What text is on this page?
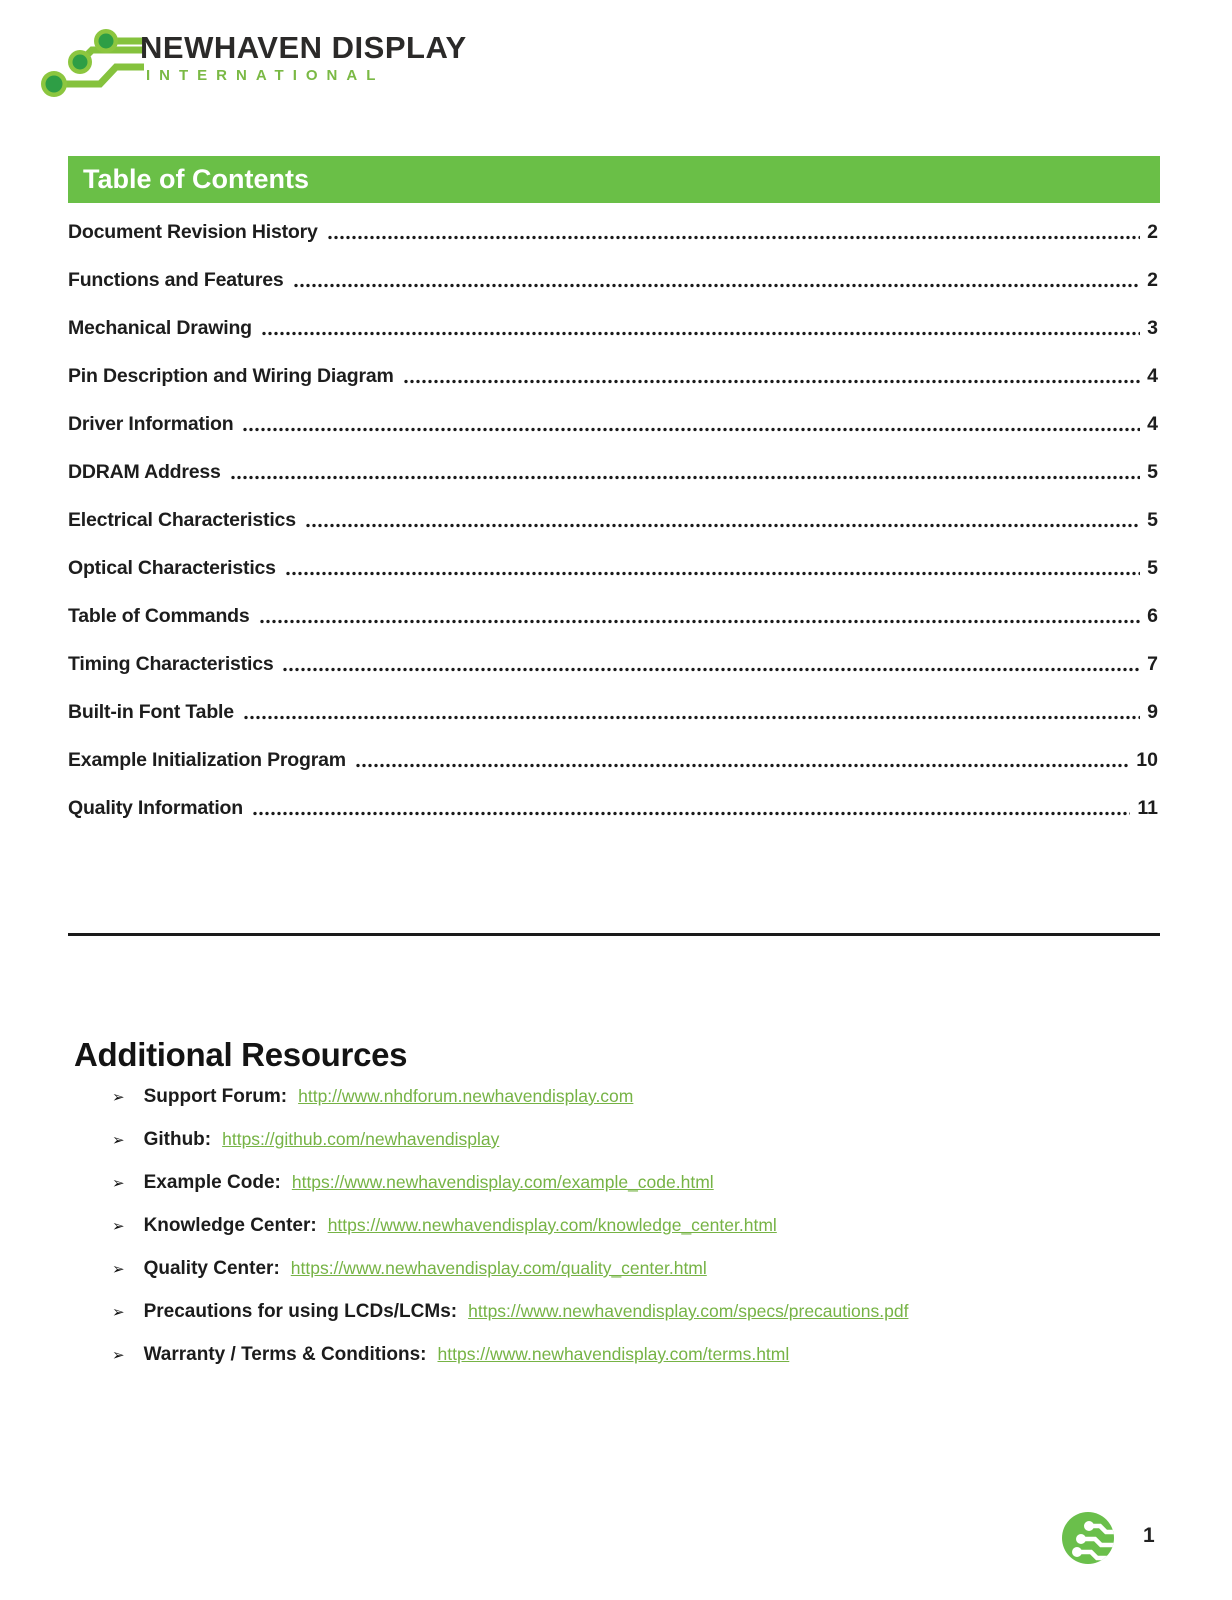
NEWHAVEN DISPLAY
INTERNATIONAL
Table of Contents
Document Revision History	2
Functions and Features	2
Mechanical Drawing	3
Pin Description and Wiring Diagram	4
Driver Information	4
DDRAM Address	5
Electrical Characteristics	5
Optical Characteristics	5
Table of Commands	6
Timing Characteristics	7
Built-in Font Table	9
Example Initialization Program	10
Quality Information	11
Additional Resources
➢ Support Forum: http://www.nhdforum.newhavendisplay.com
➢ Github: https://github.com/newhavendisplay
➢ Example Code: https://www.newhavendisplay.com/example_code.html
➢ Knowledge Center: https://www.newhavendisplay.com/knowledge_center.html
➢ Quality Center: https://www.newhavendisplay.com/quality_center.html
➢ Precautions for using LCDs/LCMs: https://www.newhavendisplay.com/specs/precautions.pdf
➢ Warranty / Terms & Conditions: https://www.newhavendisplay.com/terms.html
1
